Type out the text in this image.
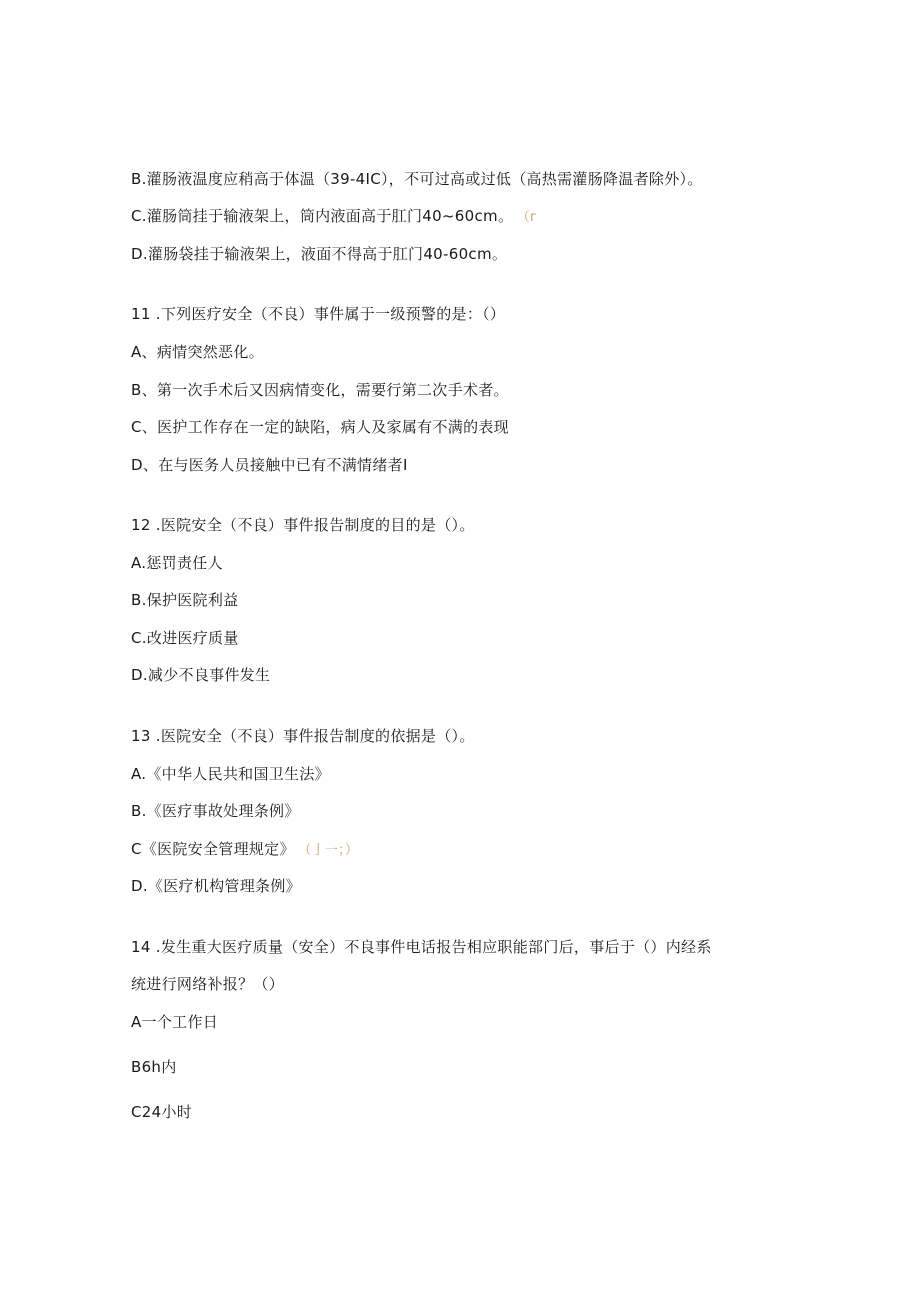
B.灌肠液温度应稍高于体温（39-4IC），不可过高或过低（高热需灌肠降温者除外）。
C.灌肠筒挂于输液架上，筒内液面高于肛门40~60cm。 （г
D.灌肠袋挂于输液架上，液面不得高于肛门40-60cm。
11 .下列医疗安全（不良）事件属于一级预警的是：（）
A、病情突然恶化。
B、第一次手术后又因病情变化，需要行第二次手术者。
C、医护工作存在一定的缺陷，病人及家属有不满的表现
D、在与医务人员接触中已有不满情绪者I
12 .医院安全（不良）事件报告制度的目的是（）。
A.惩罚责任人
B.保护医院利益
C.改进医疗质量
D.减少不良事件发生
13 .医院安全（不良）事件报告制度的依据是（）。
A.《中华人民共和国卫生法》
B.《医疗事故处理条例》
C《医院安全管理规定》 （亅一；）
D.《医疗机构管理条例》
14 .发生重大医疗质量（安全）不良事件电话报告相应职能部门后，事后于（）内经系
统进行网络补报？（）
A一个工作日
B6h内
C24小时
